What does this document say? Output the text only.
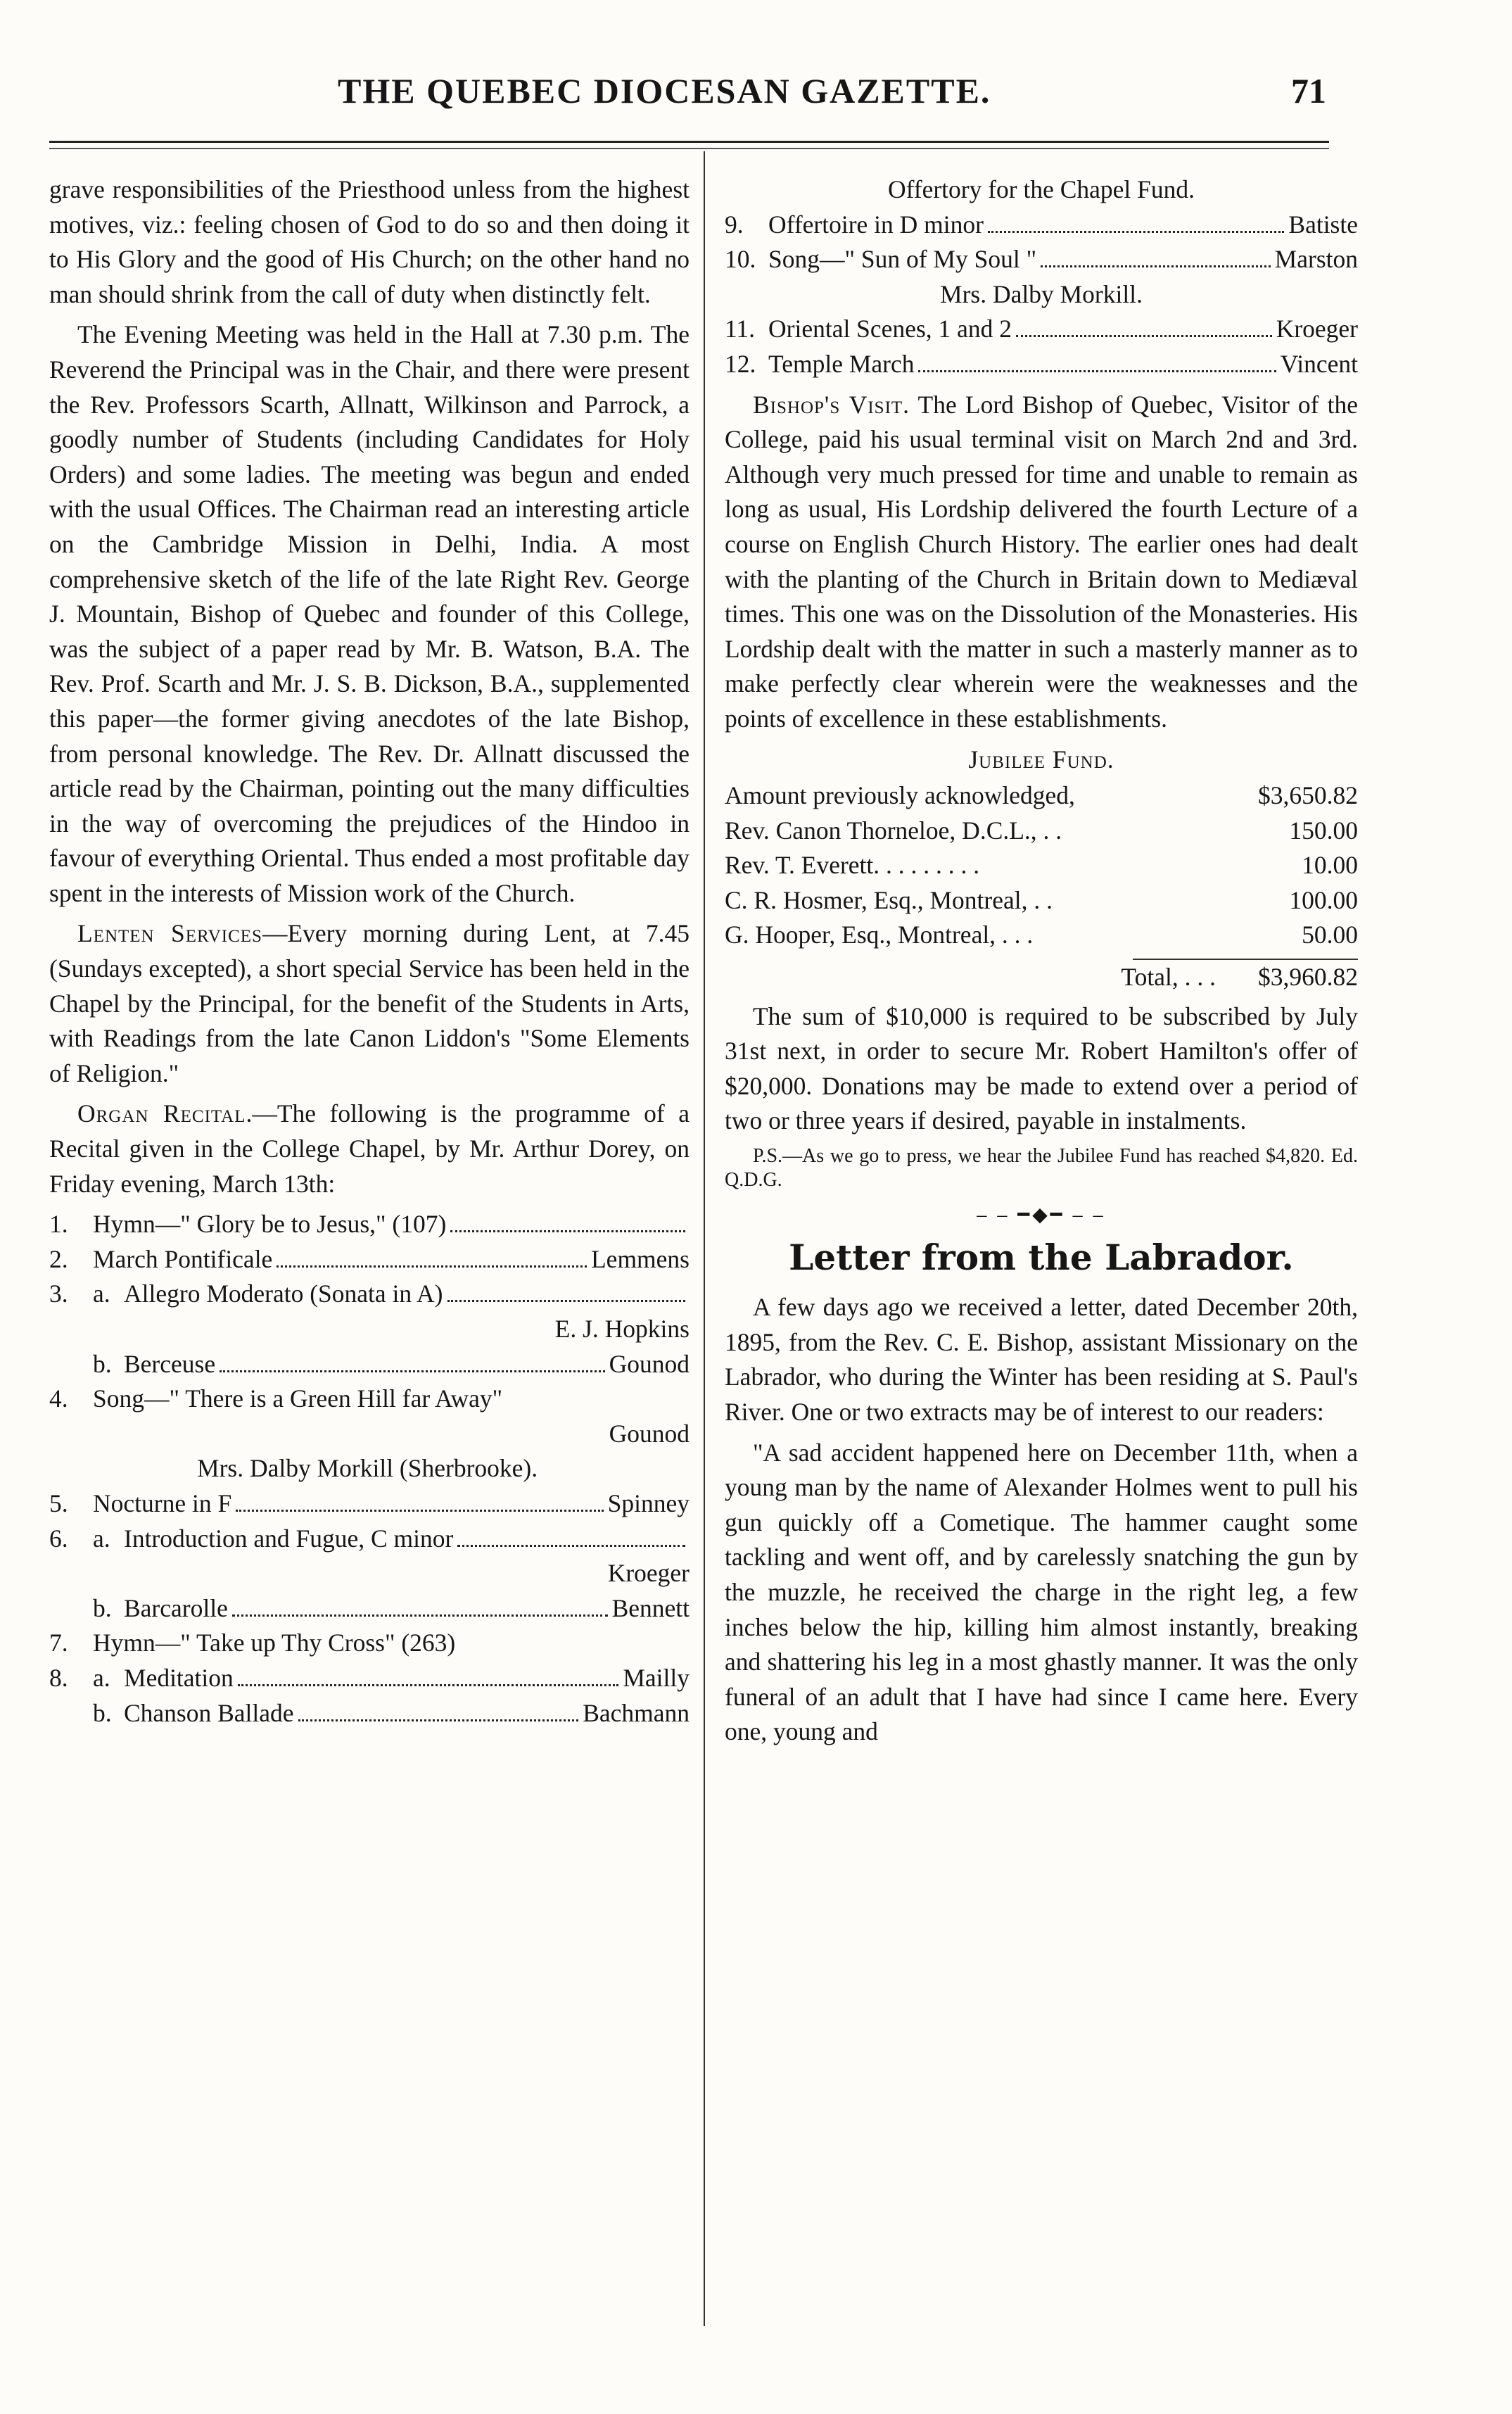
THE QUEBEC DIOCESAN GAZETTE.	71

grave responsibilities of the Priesthood unless from the highest motives, viz.: feeling chosen of God to do so and then doing it to His Glory and the good of His Church; on the other hand no man should shrink from the call of duty when distinctly felt.

The Evening Meeting was held in the Hall at 7.30 p.m. The Reverend the Principal was in the Chair, and there were present the Rev. Professors Scarth, Allnatt, Wilkinson and Parrock, a goodly number of Students (including Candidates for Holy Orders) and some ladies. The meeting was begun and ended with the usual Offices. The Chairman read an interesting article on the Cambridge Mission in Delhi, India. A most comprehensive sketch of the life of the late Right Rev. George J. Mountain, Bishop of Quebec and founder of this College, was the subject of a paper read by Mr. B. Watson, B.A. The Rev. Prof. Scarth and Mr. J. S. B. Dickson, B.A., supplemented this paper—the former giving anecdotes of the late Bishop, from personal knowledge. The Rev. Dr. Allnatt discussed the article read by the Chairman, pointing out the many difficulties in the way of overcoming the prejudices of the Hindoo in favour of everything Oriental. Thus ended a most profitable day spent in the interests of Mission work of the Church.

Lenten Services—Every morning during Lent, at 7.45 (Sundays excepted), a short special Service has been held in the Chapel by the Principal, for the benefit of the Students in Arts, with Readings from the late Canon Liddon's "Some Elements of Religion."

Organ Recital.—The following is the programme of a Recital given in the College Chapel, by Mr. Arthur Dorey, on Friday evening, March 13th:

1. Hymn—" Glory be to Jesus," (107)
2. March Pontificale	Lemmens
3. a. Allegro Moderato (Sonata in A)
E. J. Hopkins
b. Berceuse	Gounod
4. Song—" There is a Green Hill far Away"
Gounod
Mrs. Dalby Morkill (Sherbrooke).
5. Nocturne in F	Spinney
6. a. Introduction and Fugue, C minor
Kroeger
b. Barcarolle	Bennett
7. Hymn—" Take up Thy Cross" (263)
8. a. Meditation	Mailly
b. Chanson Ballade	Bachmann
Offertory for the Chapel Fund.
9. Offertoire in D minor	Batiste
10. Song—" Sun of My Soul "	Marston
Mrs. Dalby Morkill.
11. Oriental Scenes, 1 and 2	Kroeger
12. Temple March	Vincent

Bishop's Visit. The Lord Bishop of Quebec, Visitor of the College, paid his usual terminal visit on March 2nd and 3rd. Although very much pressed for time and unable to remain as long as usual, His Lordship delivered the fourth Lecture of a course on English Church History. The earlier ones had dealt with the planting of the Church in Britain down to Mediæval times. This one was on the Dissolution of the Monasteries. His Lordship dealt with the matter in such a masterly manner as to make perfectly clear wherein were the weaknesses and the points of excellence in these establishments.

Jubilee Fund.
Amount previously acknowledged,	$3,650.82
Rev. Canon Thorneloe, D.C.L., . .	150.00
Rev. T. Everett. . . . . . . . .	10.00
C. R. Hosmer, Esq., Montreal, . .	100.00
G. Hooper, Esq., Montreal, . . .	50.00
Total, . . . $3,960.82

The sum of $10,000 is required to be subscribed by July 31st next, in order to secure Mr. Robert Hamilton's offer of $20,000. Donations may be made to extend over a period of two or three years if desired, payable in instalments.

P.S.—As we go to press, we hear the Jubilee Fund has reached $4,820. Ed. Q.D.G.

– – ━◆━ – –
Letter from the Labrador.

A few days ago we received a letter, dated December 20th, 1895, from the Rev. C. E. Bishop, assistant Missionary on the Labrador, who during the Winter has been residing at S. Paul's River. One or two extracts may be of interest to our readers:

"A sad accident happened here on December 11th, when a young man by the name of Alexander Holmes went to pull his gun quickly off a Cometique. The hammer caught some tackling and went off, and by carelessly snatching the gun by the muzzle, he received the charge in the right leg, a few inches below the hip, killing him almost instantly, breaking and shattering his leg in a most ghastly manner. It was the only funeral of an adult that I have had since I came here. Every one, young and
